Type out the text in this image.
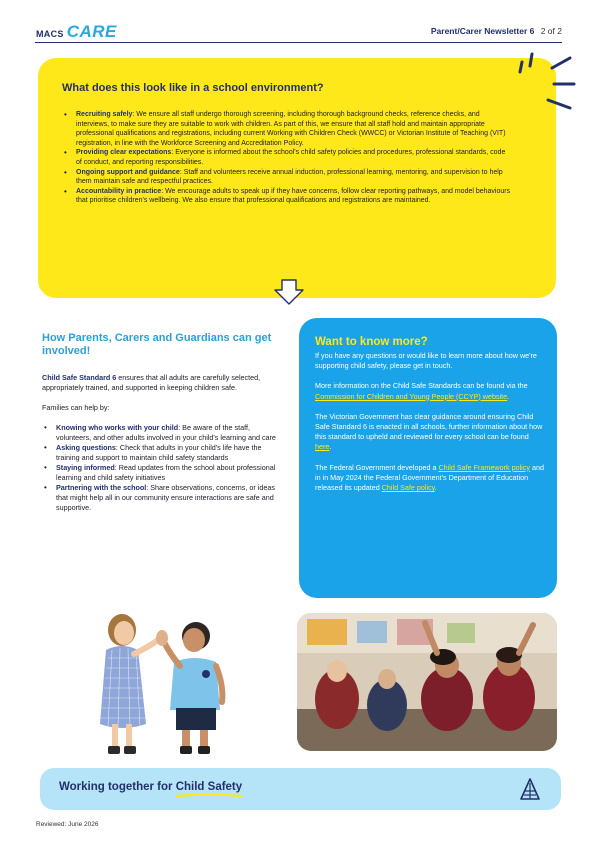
MACS CARE	Parent/Carer Newsletter 6 2 of 2
What does this look like in a school environment?
• Recruiting safely: We ensure all staff undergo thorough screening, including thorough background checks, reference checks, and interviews, to make sure they are suitable to work with children. As part of this, we ensure that all staff hold and maintain appropriate professional qualifications and registrations, including current Working with Children Check (WWCC) or Victorian Institute of Teaching (VIT) registration, in line with the Workforce Screening and Accreditation Policy.
• Providing clear expectations: Everyone is informed about the school's child safety policies and procedures, professional standards, code of conduct, and reporting responsibilities.
• Ongoing support and guidance: Staff and volunteers receive annual induction, professional learning, mentoring, and supervision to help them maintain safe and respectful practices.
• Accountability in practice: We encourage adults to speak up if they have concerns, follow clear reporting pathways, and model behaviours that prioritise children's wellbeing. We also ensure that professional qualifications and registrations are maintained.
How Parents, Carers and Guardians can get involved!

Child Safe Standard 6 ensures that all adults are carefully selected, appropriately trained, and supported in keeping children safe.

Families can help by:

• Knowing who works with your child: Be aware of the staff, volunteers, and other adults involved in your child's learning and care
• Asking questions: Check that adults in your child's life have the training and support to maintain child safety standards
• Staying informed: Read updates from the school about professional learning and child safety initiatives
• Partnering with the school: Share observations, concerns, or ideas that might help all in our community ensure interactions are safe and supportive.
Want to know more?

If you have any questions or would like to learn more about how we're supporting child safety, please get in touch.

More information on the Child Safe Standards can be found via the Commission for Children and Young People (CCYP) website.

The Victorian Government has clear guidance around ensuring Child Safe Standard 6 is enacted in all schools, further information about how this standard to upheld and reviewed for every school can be found here.

The Federal Government developed a Child Safe Framework policy and in in May 2024 the Federal Government's Department of Education released its updated Child Safe policy.

Working together for Child Safety
Reviewed: June 2026
